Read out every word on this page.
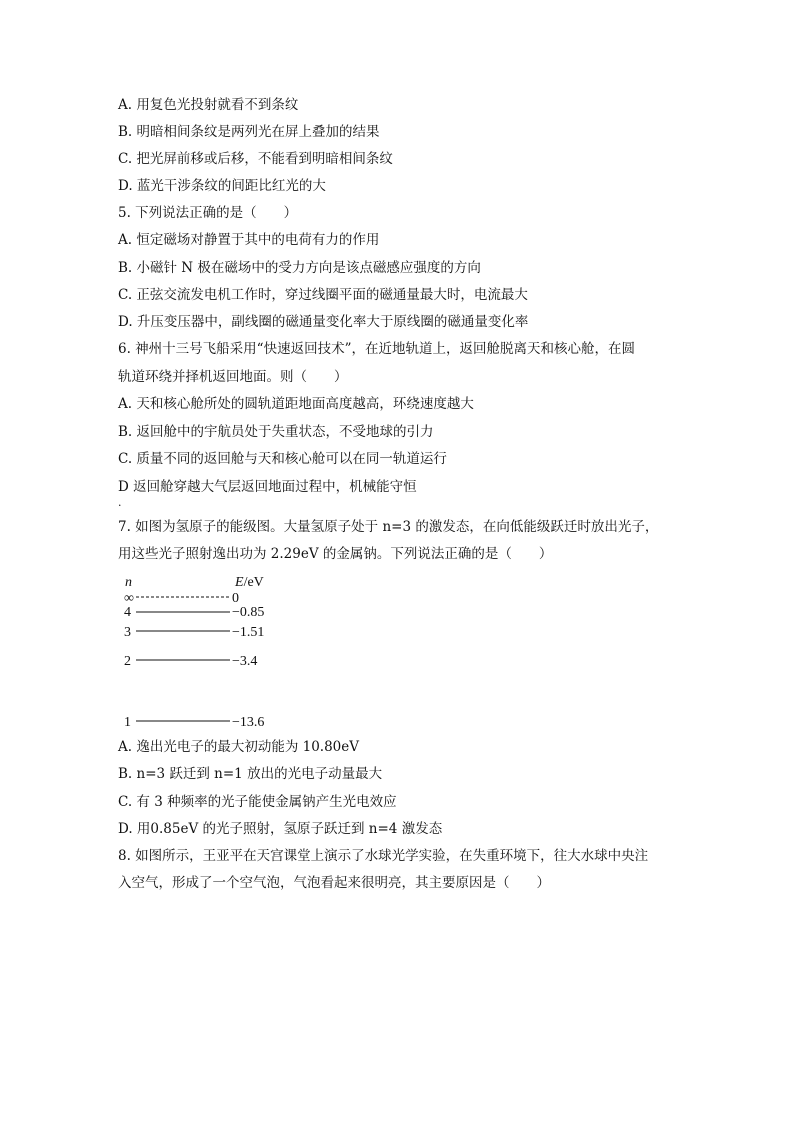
A. 用复色光投射就看不到条纹
B. 明暗相间条纹是两列光在屏上叠加的结果
C. 把光屏前移或后移，不能看到明暗相间条纹
D. 蓝光干涉条纹的间距比红光的大
5. 下列说法正确的是（　　）
A. 恒定磁场对静置于其中的电荷有力的作用
B. 小磁针 N 极在磁场中的受力方向是该点磁感应强度的方向
C. 正弦交流发电机工作时，穿过线圈平面的磁通量最大时，电流最大
D. 升压变压器中，副线圈的磁通量变化率大于原线圈的磁通量变化率
6. 神州十三号飞船采用“快速返回技术”，在近地轨道上，返回舱脱离天和核心舱，在圆
轨道环绕并择机返回地面。则（　　）
A. 天和核心舱所处的圆轨道距地面高度越高，环绕速度越大
B. 返回舱中的宇航员处于失重状态，不受地球的引力
C. 质量不同的返回舱与天和核心舱可以在同一轨道运行
D 返回舱穿越大气层返回地面过程中，机械能守恒
·
7. 如图为氢原子的能级图。大量氢原子处于 n=3 的激发态，在向低能级跃迁时放出光子，
用这些光子照射逸出功为 2.29eV 的金属钠。下列说法正确的是（　　）
n	E/eV
∞	0
4	−0.85
3	−1.51
2	−3.4
1	−13.6
A. 逸出光电子的最大初动能为 10.80eV
B. n=3 跃迁到 n=1 放出的光电子动量最大
C. 有 3 种频率的光子能使金属钠产生光电效应
D. 用0.85eV 的光子照射，氢原子跃迁到 n=4 激发态
8. 如图所示，王亚平在天宫课堂上演示了水球光学实验，在失重环境下，往大水球中央注
入空气，形成了一个空气泡，气泡看起来很明亮，其主要原因是（　　）
